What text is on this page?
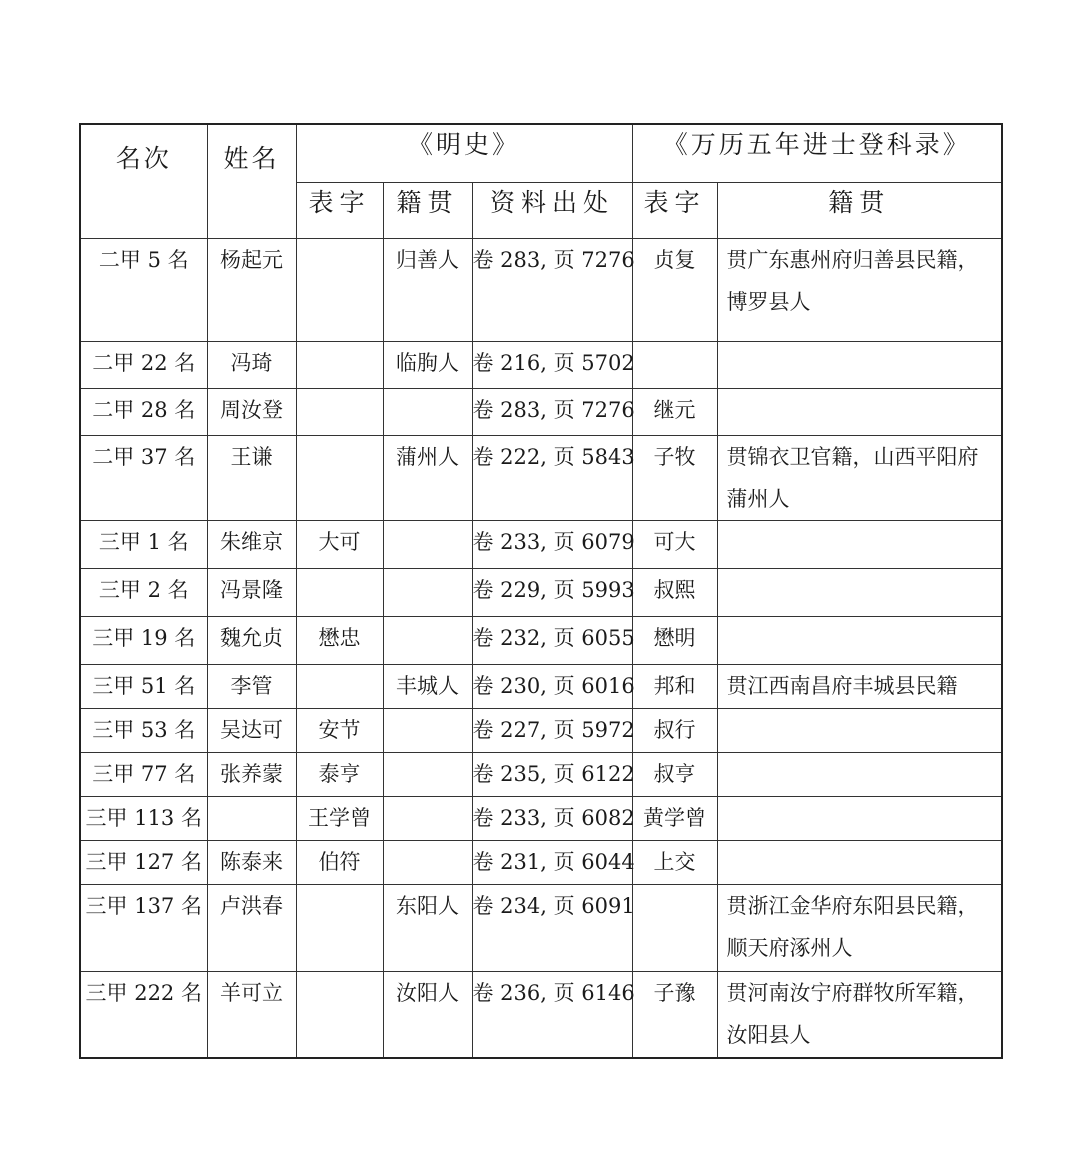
名次	姓名	《明史》			《万历五年进士登科录》	
		表字	籍贯	资料出处	表字	籍贯
二甲 5 名	杨起元		归善人	卷 283, 页 7276	贞复	贯广东惠州府归善县民籍，博罗县人
二甲 22 名	冯琦		临朐人	卷 216, 页 5702		
二甲 28 名	周汝登			卷 283, 页 7276	继元	
二甲 37 名	王谦		蒲州人	卷 222, 页 5843	子牧	贯锦衣卫官籍，山西平阳府蒲州人
三甲 1 名	朱维京	大可		卷 233, 页 6079	可大	
三甲 2 名	冯景隆			卷 229, 页 5993	叔熙	
三甲 19 名	魏允贞	懋忠		卷 232, 页 6055	懋明	
三甲 51 名	李管		丰城人	卷 230, 页 6016	邦和	贯江西南昌府丰城县民籍
三甲 53 名	吴达可	安节		卷 227, 页 5972	叔行	
三甲 77 名	张养蒙	泰亨		卷 235, 页 6122	叔亨	
三甲 113 名		王学曾		卷 233, 页 6082	黄学曾	
三甲 127 名	陈泰来	伯符		卷 231, 页 6044	上交	
三甲 137 名	卢洪春		东阳人	卷 234, 页 6091		贯浙江金华府东阳县民籍，顺天府涿州人
三甲 222 名	羊可立		汝阳人	卷 236, 页 6146	子豫	贯河南汝宁府群牧所军籍，汝阳县人
